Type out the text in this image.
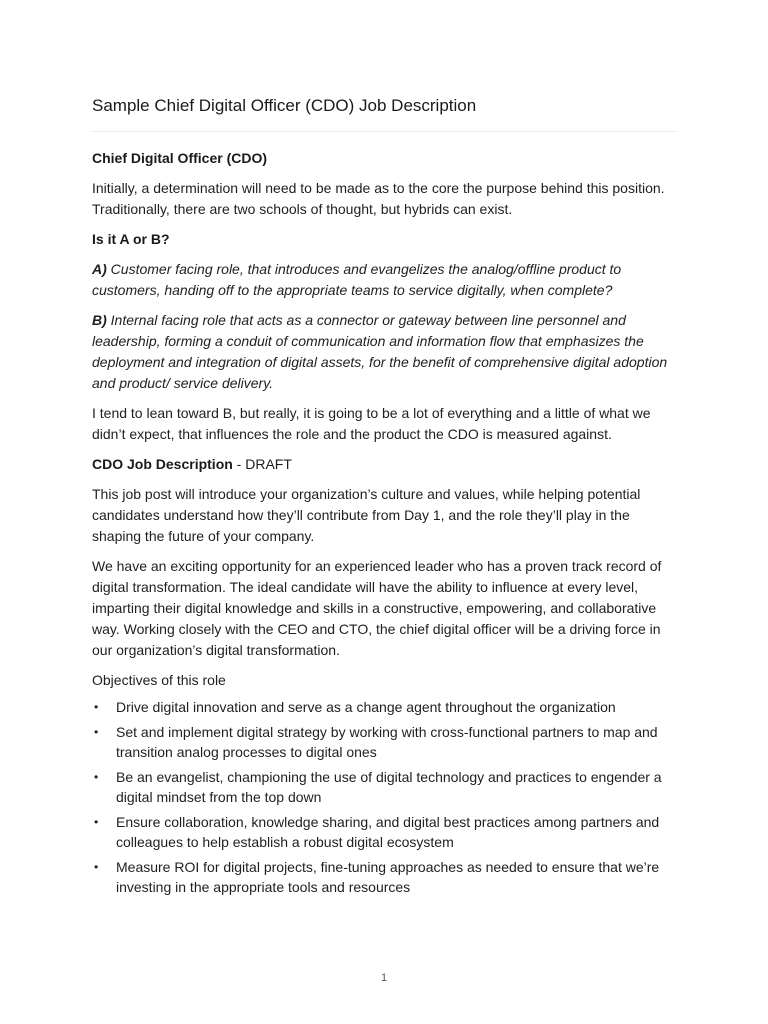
Sample Chief Digital Officer (CDO) Job Description

Chief Digital Officer (CDO)

Initially, a determination will need to be made as to the core the purpose behind this position. Traditionally, there are two schools of thought, but hybrids can exist.

Is it A or B?

A) Customer facing role, that introduces and evangelizes the analog/offline product to customers, handing off to the appropriate teams to service digitally, when complete?

B) Internal facing role that acts as a connector or gateway between line personnel and leadership, forming a conduit of communication and information flow that emphasizes the deployment and integration of digital assets, for the benefit of comprehensive digital adoption and product/ service delivery.

I tend to lean toward B, but really, it is going to be a lot of everything and a little of what we didn’t expect, that influences the role and the product the CDO is measured against.

CDO Job Description - DRAFT

This job post will introduce your organization’s culture and values, while helping potential candidates understand how they’ll contribute from Day 1, and the role they’ll play in the shaping the future of your company.

We have an exciting opportunity for an experienced leader who has a proven track record of digital transformation. The ideal candidate will have the ability to influence at every level, imparting their digital knowledge and skills in a constructive, empowering, and collaborative way. Working closely with the CEO and CTO, the chief digital officer will be a driving force in our organization’s digital transformation.

Objectives of this role

• Drive digital innovation and serve as a change agent throughout the organization
• Set and implement digital strategy by working with cross-functional partners to map and transition analog processes to digital ones
• Be an evangelist, championing the use of digital technology and practices to engender a digital mindset from the top down
• Ensure collaboration, knowledge sharing, and digital best practices among partners and colleagues to help establish a robust digital ecosystem
• Measure ROI for digital projects, fine-tuning approaches as needed to ensure that we’re investing in the appropriate tools and resources
1
